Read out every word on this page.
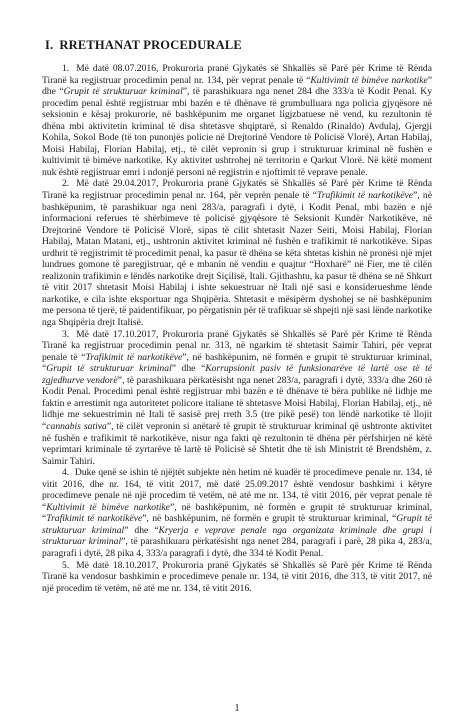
I. RRETHANAT PROCEDURALE

1. Më datë 08.07.2016, Prokuroria pranë Gjykatës së Shkallës së Parë për Krime të Rënda Tiranë ka regjistruar procedimin penal nr. 134, për veprat penale të “Kultivimit të bimëve narkotike” dhe “Grupit të strukturuar kriminal”, të parashikuara nga nenet 284 dhe 333/a të Kodit Penal. Ky procedim penal është regjistruar mbi bazën e të dhënave të grumbulluara nga policia gjyqësore në seksionin e kësaj prokurorie, në bashkëpunim me organet ligjzbatuese në vend, ku rezultonin të dhëna mbi aktivitetin kriminal të disa shtetasve shqiptarë, si Renaldo (Rinaldo) Avdulaj, Gjergji Kohila, Sokol Bode (të ton punonjës policie në Drejtorinë Vendore të Policisë Vlorë), Artan Habilaj, Moisi Habilaj, Florian Habilaj, etj., të cilët vepronin si grup i strukturuar kriminal në fushën e kultivimit të bimëve narkotike. Ky aktivitet ushtrohej në territorin e Qarkut Vlorë. Në këtë moment nuk është regjistruar emri i ndonjë personi në regjistrin e njoftimit të veprave penale.

2. Më datë 29.04.2017, Prokuroria pranë Gjykatës së Shkallës së Parë për Krime të Rënda Tiranë ka regjistruar procedimin penal nr. 164, për veprën penale të “Trafikimit të narkotikëve”, në bashkëpunim, të parashikuar nga neni 283/a, paragrafi i dytë, i Kodit Penal, mbi bazën e një informacioni referues të shërbimeve të policisë gjyqësore të Seksionit Kundër Narkotikëve, në Drejtorinë Vendore të Policisë Vlorë, sipas të cilit shtetasit Nazer Seiti, Moisi Habilaj, Florian Habilaj, Matan Matani, etj., ushtronin aktivitet kriminal në fushën e trafikimit të narkotikëve. Sipas urdhrit të regjistrimit të procedimit penal, ka pasur të dhëna se këta shtetas kishin në pronësi një mjet lundrues gomone të paregjistruar, që e mbanin në vendin e quajtur “Hoxharë” në Fier, me të cilën realizonin trafikimin e lëndës narkotike drejt Siçilisë, Itali. Gjithashtu, ka pasur të dhëna se në Shkurt të vitit 2017 shtetasit Moisi Habilaj i ishte sekuestruar në Itali një sasi e konsiderueshme lënde narkotike, e cila ishte eksportuar nga Shqipëria. Shtetasit e mësipërm dyshohej se në bashkëpunim me persona të tjerë, të paidentifikuar, po përgatisnin për të trafikuar së shpejti një sasi lënde narkotike nga Shqipëria drejt Italisë.

3. Më datë 17.10.2017, Prokuroria pranë Gjykatës së Shkallës së Parë për Krime të Rënda Tiranë ka regjistruar procedimin penal nr. 313, në ngarkim të shtetasit Saimir Tahiri, për veprat penale të “Trafikimit të narkotikëve”, në bashkëpunim, në formën e grupit të strukturuar kriminal, “Grupit të strukturuar kriminal” dhe “Korrupsionit pasiv të funksionarëve të lartë ose të të zgjedhurve vendorë”, të parashikuara përkatësisht nga nenet 283/a, paragrafi i dytë, 333/a dhe 260 të Kodit Penal. Procedimi penal është regjistruar mbi bazën e të dhënave të bëra publike në lidhje me faktin e arrestimit nga autoritetet policore italiane të shtetasve Moisi Habilaj, Florian Habilaj, etj., në lidhje me sekuestrimin në Itali të sasisë prej rreth 3.5 (tre pikë pesë) ton lëndë narkotike të llojit “cannabis sativa”, të cilët vepronin si anëtarë të grupit të strukturuar kriminal që ushtronte aktivitet në fushën e trafikimit të narkotikëve, nisur nga fakti që rezultonin të dhëna për përfshirjen në këtë veprimtari kriminale të zyrtarëve të lartë të Policisë së Shtetit dhe të ish Ministrit të Brendshëm, z. Saimir Tahiri.

4. Duke qenë se ishin të njëjtët subjekte nën hetim në kuadër të procedimeve penale nr. 134, të vitit 2016, dhe nr. 164, të vitit 2017, më datë 25.09.2017 është vendosur bashkimi i këtyre procedimeve penale në një procedim të vetëm, në atë me nr. 134, të vitit 2016, për veprat penale të “Kultivimit të bimëve narkotike”, në bashkëpunim, në formën e grupit të strukturuar kriminal, “Trafikimit të narkotikëve”, në bashkëpunim, në formën e grupit të strukturuar kriminal, “Grupit të strukturuar kriminal” dhe “Kryerja e veprave penale nga organizata kriminale dhe grupi i strukturuar kriminal”, të parashikuara përkatësisht nga nenet 284, paragrafi i parë, 28 pika 4, 283/a, paragrafi i dytë, 28 pika 4, 333/a paragrafi i dytë, dhe 334 të Kodit Penal.

5. Më datë 18.10.2017, Prokuroria pranë Gjykatës së Shkallës së Parë për Krime të Rënda Tiranë ka vendosur bashkimin e procedimeve penale nr. 134, të vitit 2016, dhe 313, të vitit 2017, në një procedim të vetëm, në atë me nr. 134, të vitit 2016.

1
